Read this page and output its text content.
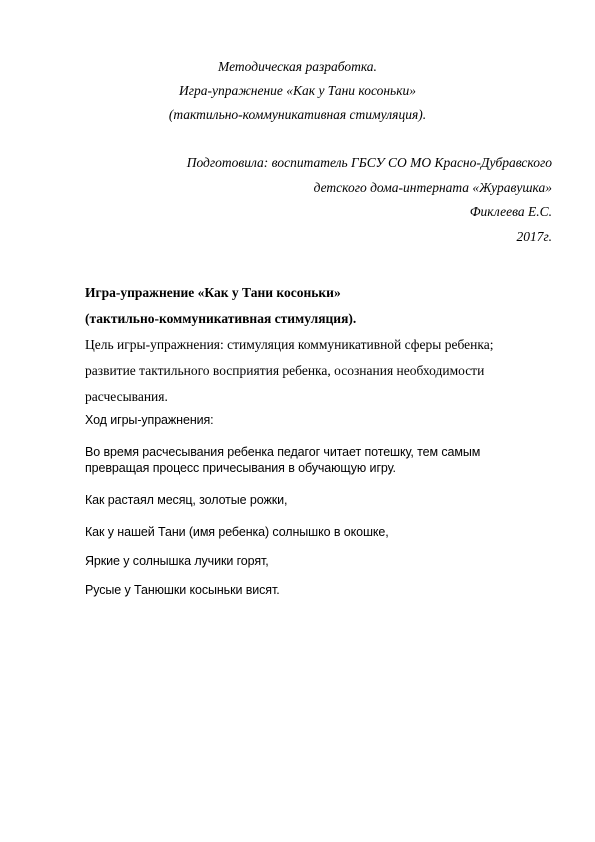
Методическая разработка.
Игра-упражнение «Как у Тани косоньки»
(тактильно-коммуникативная стимуляция).
Подготовила: воспитатель ГБСУ СО МО Красно-Дубравского
детского дома-интерната «Журавушка»
Фиклеева Е.С.
2017г.
Игра-упражнение «Как у Тани косоньки»
(тактильно-коммуникативная стимуляция).
Цель игры-упражнения: стимуляция коммуникативной сферы ребенка;
развитие тактильного восприятия ребенка, осознания необходимости
расчесывания.
Ход игры-упражнения:
Во время расчесывания ребенка педагог читает потешку, тем самым
превращая процесс причесывания в обучающую игру.
Как растаял месяц, золотые рожки,
Как у нашей Тани (имя ребенка) солнышко в окошке,
Яркие у солнышка лучики горят,
Русые у Танюшки косыньки висят.
